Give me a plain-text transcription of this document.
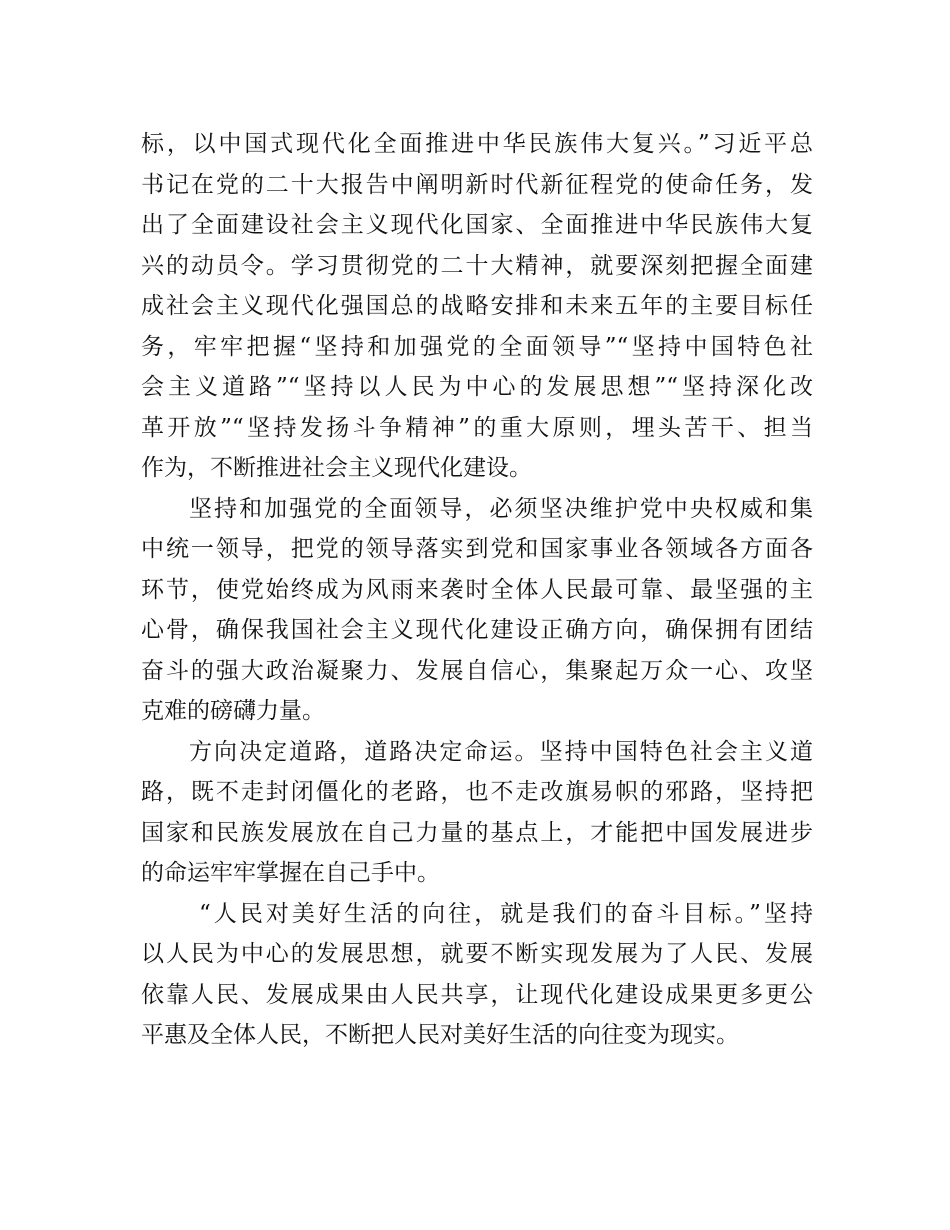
标，以中国式现代化全面推进中华民族伟大复兴。”习近平总
书记在党的二十大报告中阐明新时代新征程党的使命任务，发
出了全面建设社会主义现代化国家、全面推进中华民族伟大复
兴的动员令。学习贯彻党的二十大精神，就要深刻把握全面建
成社会主义现代化强国总的战略安排和未来五年的主要目标任
务，牢牢把握“坚持和加强党的全面领导”“坚持中国特色社
会主义道路”“坚持以人民为中心的发展思想”“坚持深化改
革开放”“坚持发扬斗争精神”的重大原则，埋头苦干、担当
作为，不断推进社会主义现代化建设。
坚持和加强党的全面领导，必须坚决维护党中央权威和集
中统一领导，把党的领导落实到党和国家事业各领域各方面各
环节，使党始终成为风雨来袭时全体人民最可靠、最坚强的主
心骨，确保我国社会主义现代化建设正确方向，确保拥有团结
奋斗的强大政治凝聚力、发展自信心，集聚起万众一心、攻坚
克难的磅礴力量。
方向决定道路，道路决定命运。坚持中国特色社会主义道
路，既不走封闭僵化的老路，也不走改旗易帜的邪路，坚持把
国家和民族发展放在自己力量的基点上，才能把中国发展进步
的命运牢牢掌握在自己手中。
“人民对美好生活的向往，就是我们的奋斗目标。”坚持
以人民为中心的发展思想，就要不断实现发展为了人民、发展
依靠人民、发展成果由人民共享，让现代化建设成果更多更公
平惠及全体人民，不断把人民对美好生活的向往变为现实。
